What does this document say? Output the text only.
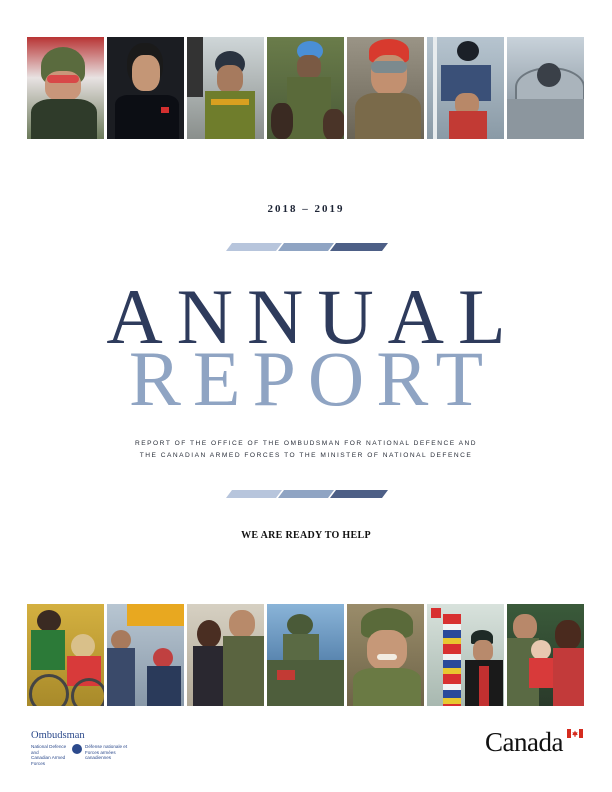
2018 – 2019
ANNUAL
REPORT
REPORT OF THE OFFICE OF THE OMBUDSMAN FOR NATIONAL DEFENCE AND
THE CANADIAN ARMED FORCES TO THE MINISTER OF NATIONAL DEFENCE
WE ARE READY TO HELP
Ombudsman
National Defence and
Canadian Armed Forces
Défense nationale et
Forces armées canadiennes
Canada
